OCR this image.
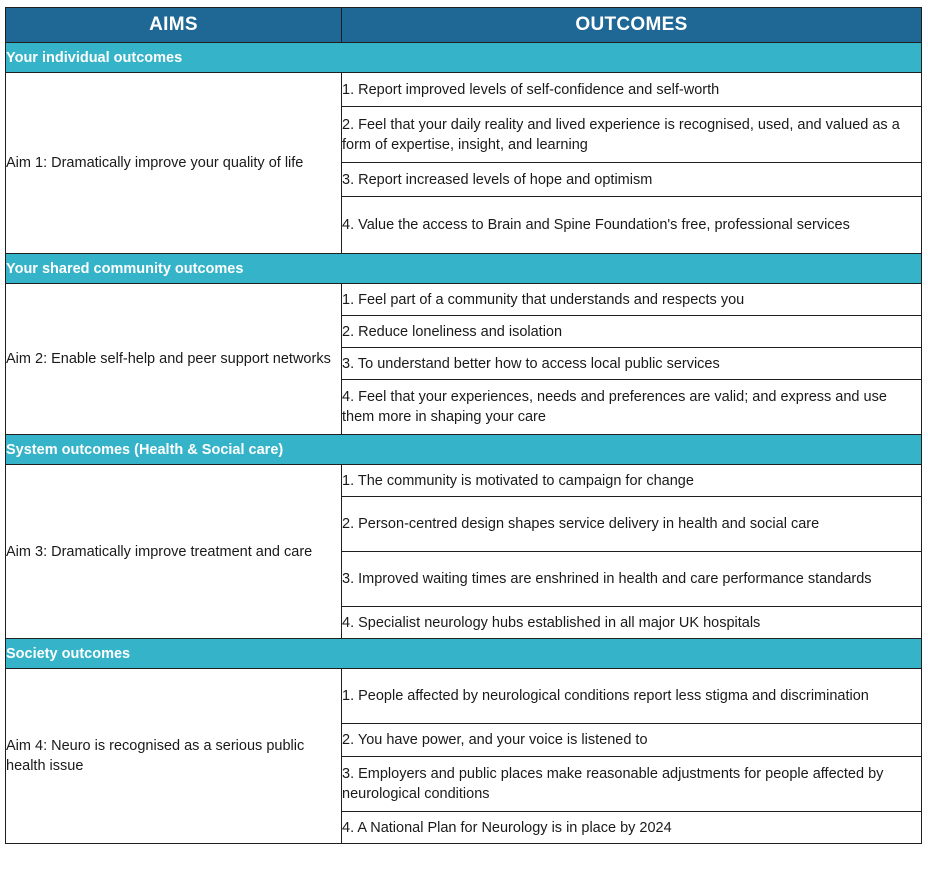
AIMS	OUTCOMES
Your individual outcomes	
Aim 1: Dramatically improve your quality of life	1. Report improved levels of self-confidence and self-worth
	2. Feel that your daily reality and lived experience is recognised, used, and valued as a form of expertise, insight, and learning
	3. Report increased levels of hope and optimism
	4. Value the access to Brain and Spine Foundation's free, professional services
Your shared community outcomes	
Aim 2: Enable self-help and peer support networks	1. Feel part of a community that understands and respects you
	2. Reduce loneliness and isolation
	3. To understand better how to access local public services
	4. Feel that your experiences, needs and preferences are valid; and express and use them more in shaping your care
System outcomes (Health & Social care)	
Aim 3: Dramatically improve treatment and care	1. The community is motivated to campaign for change
	2. Person-centred design shapes service delivery in health and social care
	3. Improved waiting times are enshrined in health and care performance standards
	4. Specialist neurology hubs established in all major UK hospitals
Society outcomes	
Aim 4: Neuro is recognised as a serious public health issue	1. People affected by neurological conditions report less stigma and discrimination
	2. You have power, and your voice is listened to
	3. Employers and public places make reasonable adjustments for people affected by neurological conditions
	4. A National Plan for Neurology is in place by 2024
